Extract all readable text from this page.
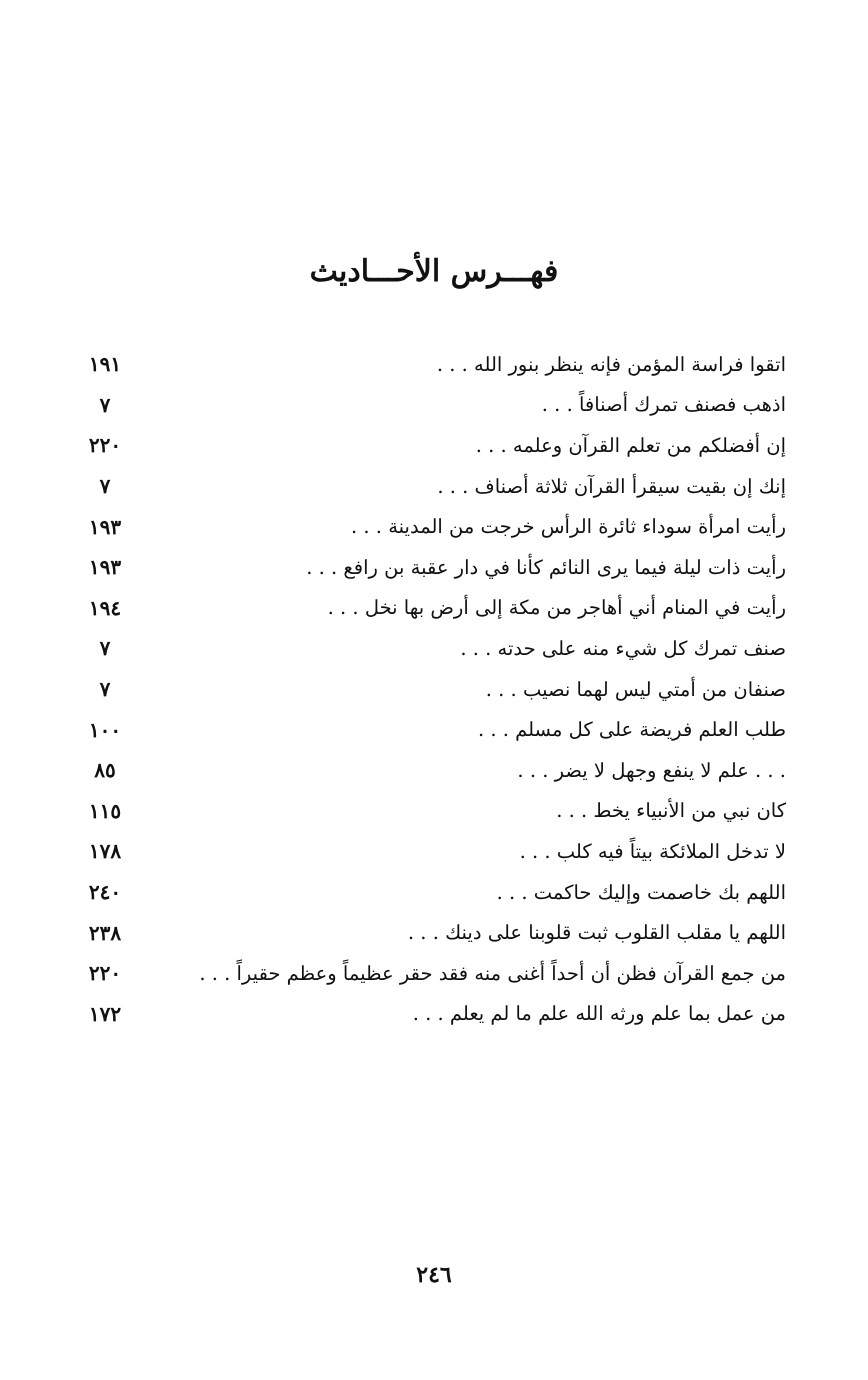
فهـــرس الأحـــاديث
١٩١	اتقوا فراسة المؤمن فإنه ينظر بنور الله . . .
٧	اذهب فصنف تمرك أصنافاً . . .
٢٢٠	إن أفضلكم من تعلم القرآن وعلمه . . .
٧	إنك إن بقيت سيقرأ القرآن ثلاثة أصناف . . .
١٩٣	رأيت امرأة سوداء ثائرة الرأس خرجت من المدينة . . .
١٩٣	رأيت ذات ليلة فيما يرى النائم كأنا في دار عقبة بن رافع . . .
١٩٤	رأيت في المنام أني أهاجر من مكة إلى أرض بها نخل . . .
٧	صنف تمرك كل شيء منه على حدته . . .
٧	صنفان من أمتي ليس لهما نصيب . . .
١٠٠	طلب العلم فريضة على كل مسلم . . .
٨٥	. . . علم لا ينفع وجهل لا يضر . . .
١١٥	كان نبي من الأنبياء يخط . . .
١٧٨	لا تدخل الملائكة بيتاً فيه كلب . . .
٢٤٠	اللهم بك خاصمت وإليك حاكمت . . .
٢٣٨	اللهم يا مقلب القلوب ثبت قلوبنا على دينك . . .
٢٢٠	من جمع القرآن فظن أن أحداً أغنى منه فقد حقر عظيماً وعظم حقيراً . . .
١٧٢	من عمل بما علم ورثه الله علم ما لم يعلم . . .
٢٤٦
